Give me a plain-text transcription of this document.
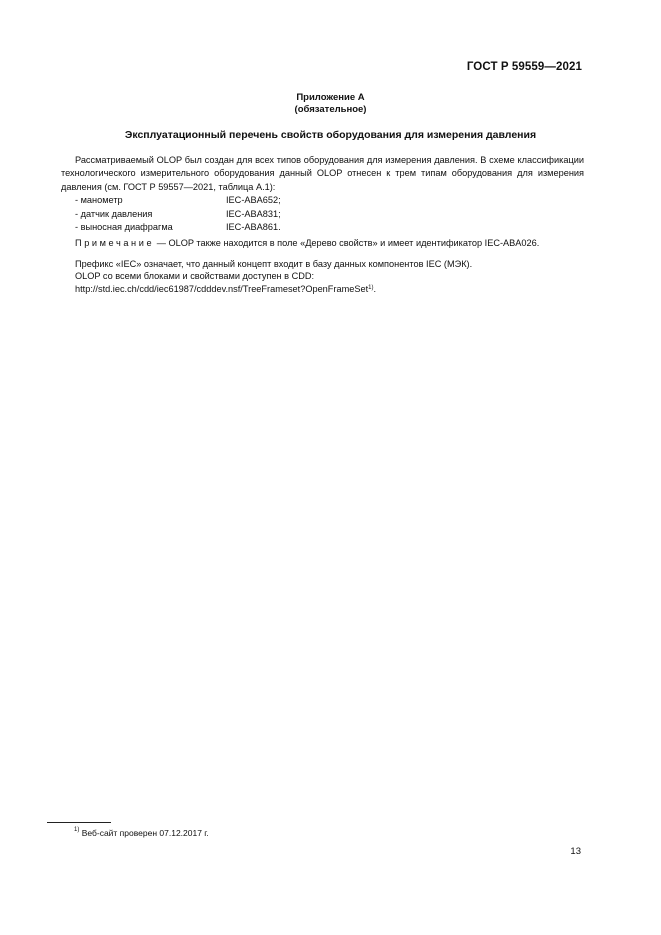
ГОСТ Р 59559—2021
Приложение А
(обязательное)
Эксплуатационный перечень свойств оборудования для измерения давления

Рассматриваемый OLOP был создан для всех типов оборудования для измерения давления. В схеме классификации технологического измерительного оборудования данный OLOP отнесен к трем типам оборудования для измерения давления (см. ГОСТ Р 59557—2021, таблица А.1):

- манометр	IEC-ABA652;
- датчик давления	IEC-ABA831;
- выносная диафрагма	IEC-ABA861.

Примечание — OLOP также находится в поле «Дерево свойств» и имеет идентификатор IEC-ABA026.

Префикс «IEC» означает, что данный концепт входит в базу данных компонентов IEC (МЭК).
OLOP со всеми блоками и свойствами доступен в CDD:
http://std.iec.ch/cdd/iec61987/cdddev.nsf/TreeFrameset?OpenFrameSet$^{1)}$.
$^{1)}$ Веб-сайт проверен 07.12.2017 г.
13
